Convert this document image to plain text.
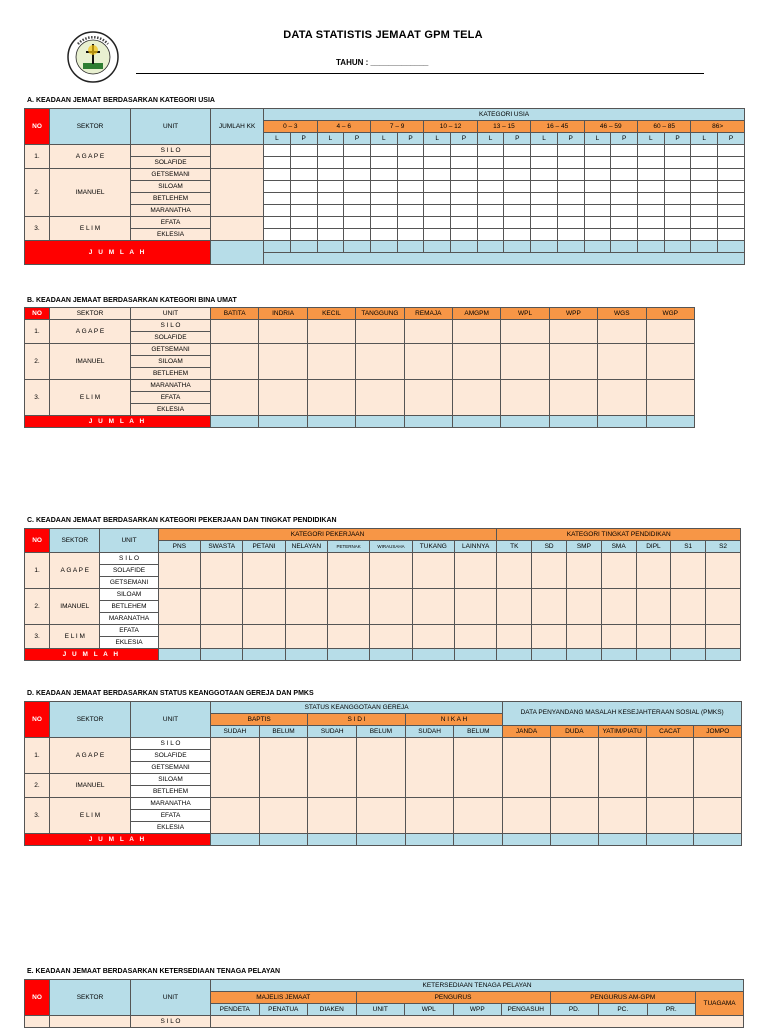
DATA STATISTIS JEMAAT GPM TELA
TAHUN : _____________
A. KEADAAN JEMAAT BERDASARKAN KATEGORI USIA
NO	SEKTOR	UNIT	JUMLAH KK	KATEGORI USIA																	
				0 – 3		4 – 6		7 – 9		10 – 12		13 – 15		16 – 45		46 – 59		60 – 85		86>	
				L	P	L	P	L	P	L	P	L	P	L	P	L	P	L	P	L	P
1.	A G A P E	S I L O																			
		SOLAFIDE																			
2.	IMANUEL	GETSEMANI																			
		SILOAM																			
		BETLEHEM																			
		MARANATHA																			
3.	E L I M	EFATA																			
		EKLESIA																			
J U M L A H																					

B. KEADAAN JEMAAT BERDASARKAN KATEGORI BINA UMAT
NO	SEKTOR	UNIT	BATITA	INDRIA	KECIL	TANGGUNG	REMAJA	AMGPM	WPL	WPP	WGS	WGP
1.	A G A P E	S I L O										
		SOLAFIDE										
2.	IMANUEL	GETSEMANI										
		SILOAM										
		BETLEHEM										
3.	E L I M	MARANATHA										
		EFATA										
		EKLESIA										
J U M L A H												
C. KEADAAN JEMAAT BERDASARKAN KATEGORI PEKERJAAN DAN TINGKAT PENDIDIKAN
NO	SEKTOR	UNIT	KATEGORI PEKERJAAN								KATEGORI TINGKAT PENDIDIKAN						
			PNS	SWASTA	PETANI	NELAYAN	PETERNAK	WIRAUSAHA	TUKANG	LAINNYA	TK	SD	SMP	SMA	DIPL	S1	S2
1.	A G A P E	S I L O															
		SOLAFIDE															
		GETSEMANI															
2.	IMANUEL	SILOAM															
		BETLEHEM															
		MARANATHA															
3.	E L I M	EFATA															
		EKLESIA															
J U M L A H																	
D. KEADAAN JEMAAT BERDASARKAN STATUS KEANGGOTAAN GEREJA DAN PMKS
NO	SEKTOR	UNIT	STATUS KEANGGOTAAN GEREJA						DATA PENYANDANG MASALAH KESEJAHTERAAN SOSIAL (PMKS)				
			BAPTIS		S I D I		N I K A H						
			SUDAH	BELUM	SUDAH	BELUM	SUDAH	BELUM	JANDA	DUDA	YATIM/PIATU	CACAT	JOMPO
1.	A G A P E	S I L O											
		SOLAFIDE											
		GETSEMANI											
2.	IMANUEL	SILOAM											
		BETLEHEM											
3.	E L I M	MARANATHA											
		EFATA											
		EKLESIA											
J U M L A H													
E. KEADAAN JEMAAT BERDASARKAN KETERSEDIAAN TENAGA PELAYAN
NO	SEKTOR	UNIT	KETERSEDIAAN TENAGA PELAYAN										
			MAJELIS JEMAAT			PENGURUS				PENGURUS AM-GPM			TUAGAMA
			PENDETA	PENATUA	DIAKEN	UNIT	WPL	WPP	PENGASUH	PD.	PC.	PR.	
		S I L O											
